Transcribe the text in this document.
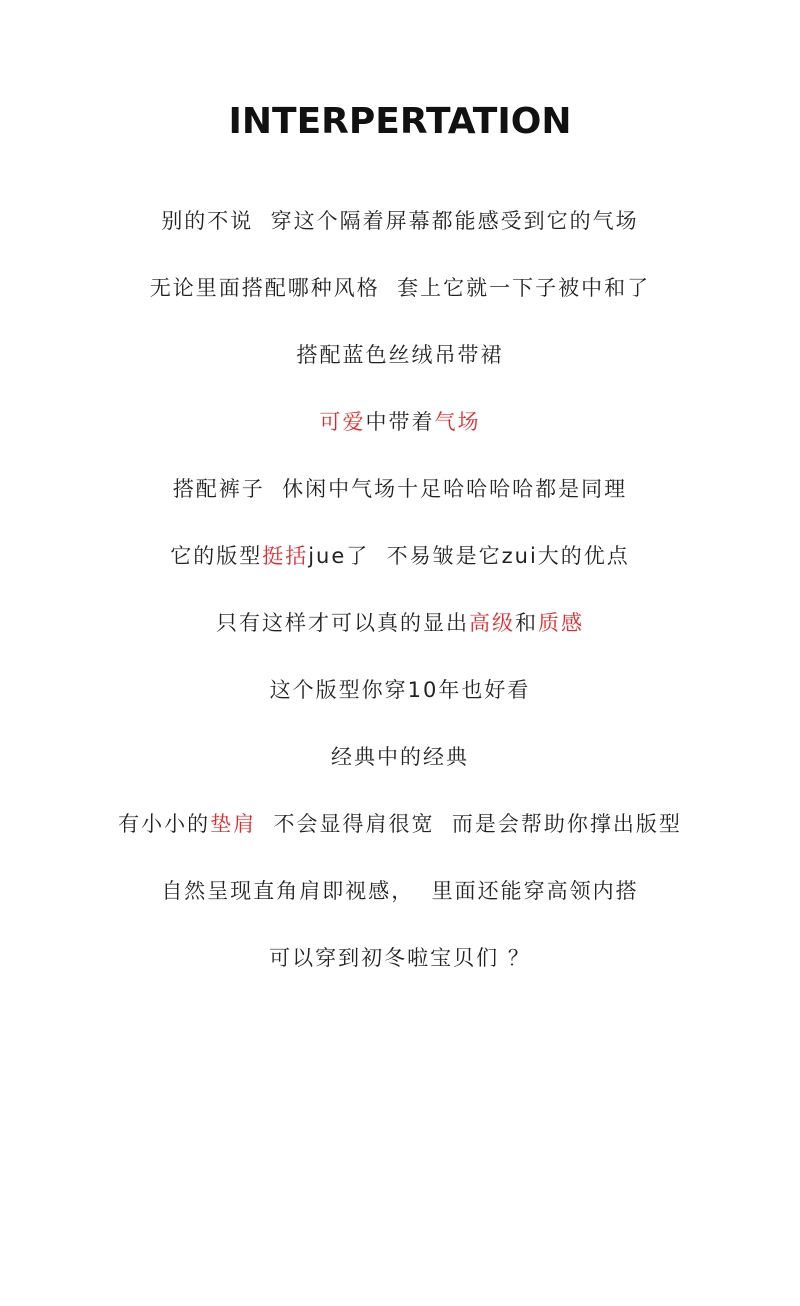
INTERPERTATION
别的不说  穿这个隔着屏幕都能感受到它的气场
无论里面搭配哪种风格  套上它就一下子被中和了
搭配蓝色丝绒吊带裙
可爱中带着气场
搭配裤子  休闲中气场十足哈哈哈哈都是同理
它的版型挺括jue了  不易皱是它zui大的优点
只有这样才可以真的显出高级和质感
这个版型你穿10年也好看
经典中的经典
有小小的垫肩  不会显得肩很宽  而是会帮助你撑出版型
自然呈现直角肩即视感，  里面还能穿高领内搭
可以穿到初冬啦宝贝们 ？
